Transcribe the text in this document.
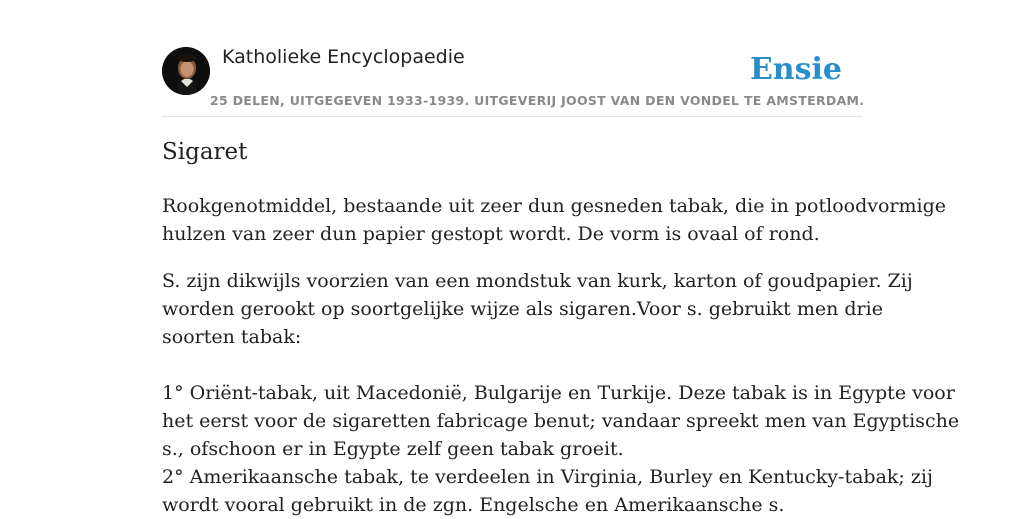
Katholieke Encyclopaedie
25 DELEN, UITGEGEVEN 1933-1939. UITGEVERIJ JOOST VAN DEN VONDEL TE AMSTERDAM.
Ensie
Sigaret
Rookgenotmiddel, bestaande uit zeer dun gesneden tabak, die in potloodvormige
hulzen van zeer dun papier gestopt wordt. De vorm is ovaal of rond.
S. zijn dikwijls voorzien van een mondstuk van kurk, karton of goudpapier. Zij
worden gerookt op soortgelijke wijze als sigaren.Voor s. gebruikt men drie
soorten tabak:
1° Oriënt-tabak, uit Macedonië, Bulgarije en Turkije. Deze tabak is in Egypte voor
het eerst voor de sigaretten fabricage benut; vandaar spreekt men van Egyptische
s., ofschoon er in Egypte zelf geen tabak groeit.
2° Amerikaansche tabak, te verdeelen in Virginia, Burley en Kentucky-tabak; zij
wordt vooral gebruikt in de zgn. Engelsche en Amerikaansche s.
